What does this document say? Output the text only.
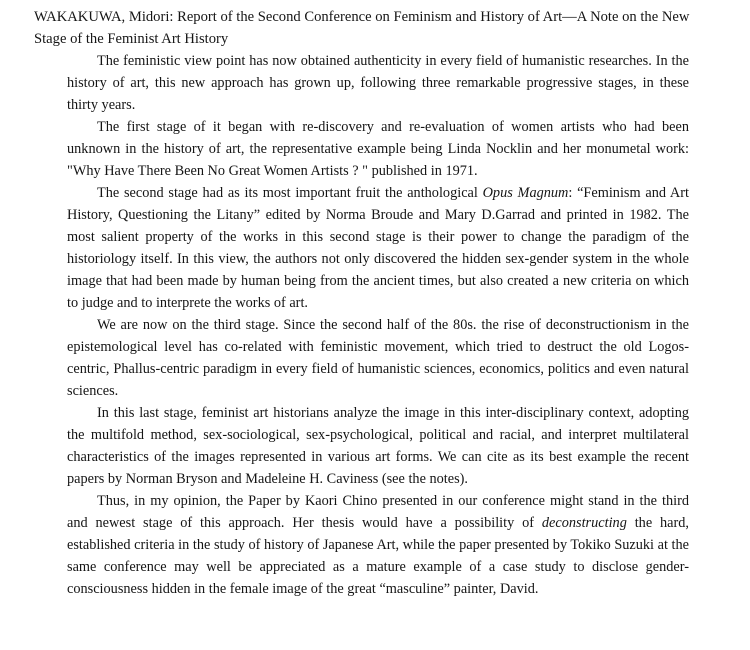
WAKAKUWA, Midori: Report of the Second Conference on Feminism and History of Art—A Note on the New Stage of the Feminist Art History

The feministic view point has now obtained authenticity in every field of humanistic researches. In the history of art, this new approach has grown up, following three remarkable progressive stages, in these thirty years.

The first stage of it began with re-discovery and re-evaluation of women artists who had been unknown in the history of art, the representative example being Linda Nocklin and her monumetal work: "Why Have There Been No Great Women Artists ? " published in 1971.

The second stage had as its most important fruit the anthological Opus Magnum: “Feminism and Art History, Questioning the Litany” edited by Norma Broude and Mary D.Garrad and printed in 1982. The most salient property of the works in this second stage is their power to change the paradigm of the historiology itself. In this view, the authors not only discovered the hidden sex-gender system in the whole image that had been made by human being from the ancient times, but also created a new criteria on which to judge and to interprete the works of art.

We are now on the third stage. Since the second half of the 80s. the rise of deconstructionism in the epistemological level has co-related with feministic movement, which tried to destruct the old Logos-centric, Phallus-centric paradigm in every field of humanistic sciences, economics, politics and even natural sciences.

In this last stage, feminist art historians analyze the image in this inter-disciplinary context, adopting the multifold method, sex-sociological, sex-psychological, political and racial, and interpret multilateral characteristics of the images represented in various art forms. We can cite as its best example the recent papers by Norman Bryson and Madeleine H. Caviness (see the notes).

Thus, in my opinion, the Paper by Kaori Chino presented in our conference might stand in the third and newest stage of this approach. Her thesis would have a possibility of deconstructing the hard, established criteria in the study of history of Japanese Art, while the paper presented by Tokiko Suzuki at the same conference may well be appreciated as a mature example of a case study to disclose gender-consciousness hidden in the female image of the great “masculine” painter, David.
